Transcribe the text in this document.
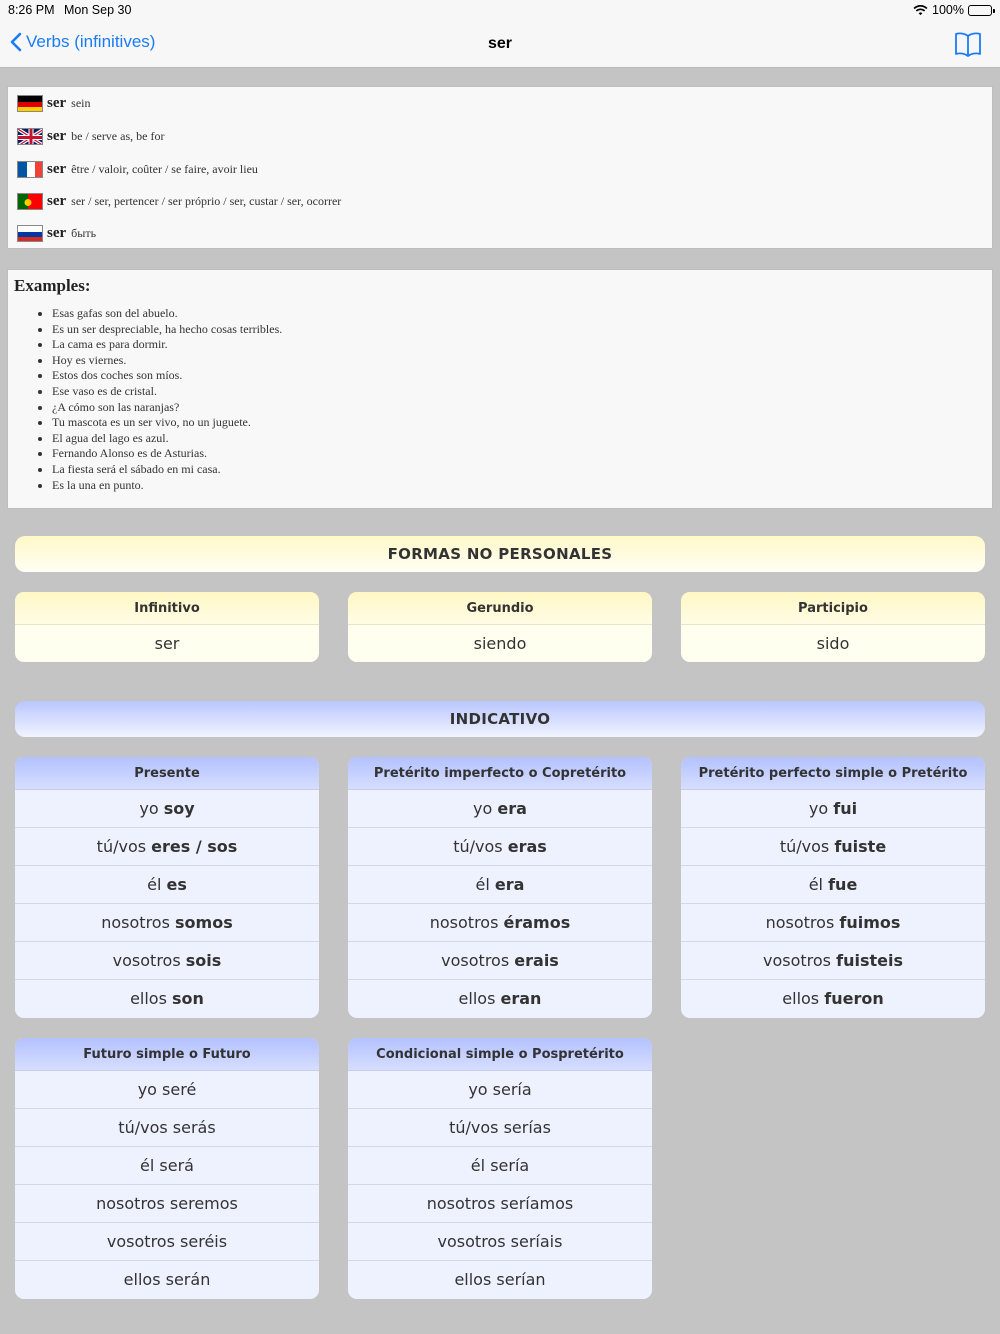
8:26 PM Mon Sep 30	100%
Verbs (infinitives)	ser
ser sein
ser be / serve as, be for
ser être / valoir, coûter / se faire, avoir lieu
ser ser / ser, pertencer / ser próprio / ser, custar / ser, ocorrer
ser быть
Examples:
• Esas gafas son del abuelo.
• Es un ser despreciable, ha hecho cosas terribles.
• La cama es para dormir.
• Hoy es viernes.
• Estos dos coches son míos.
• Ese vaso es de cristal.
• ¿A cómo son las naranjas?
• Tu mascota es un ser vivo, no un juguete.
• El agua del lago es azul.
• Fernando Alonso es de Asturias.
• La fiesta será el sábado en mi casa.
• Es la una en punto.
FORMAS NO PERSONALES
Infinitivo
ser
Gerundio
siendo
Participio
sido
INDICATIVO
Presente
yo soy
tú/vos eres / sos
él es
nosotros somos
vosotros sois
ellos son
Pretérito imperfecto o Copretérito
yo era
tú/vos eras
él era
nosotros éramos
vosotros erais
ellos eran
Pretérito perfecto simple o Pretérito
yo fui
tú/vos fuiste
él fue
nosotros fuimos
vosotros fuisteis
ellos fueron
Futuro simple o Futuro
yo seré
tú/vos serás
él será
nosotros seremos
vosotros seréis
ellos serán
Condicional simple o Pospretérito
yo sería
tú/vos serías
él sería
nosotros seríamos
vosotros seríais
ellos serían
